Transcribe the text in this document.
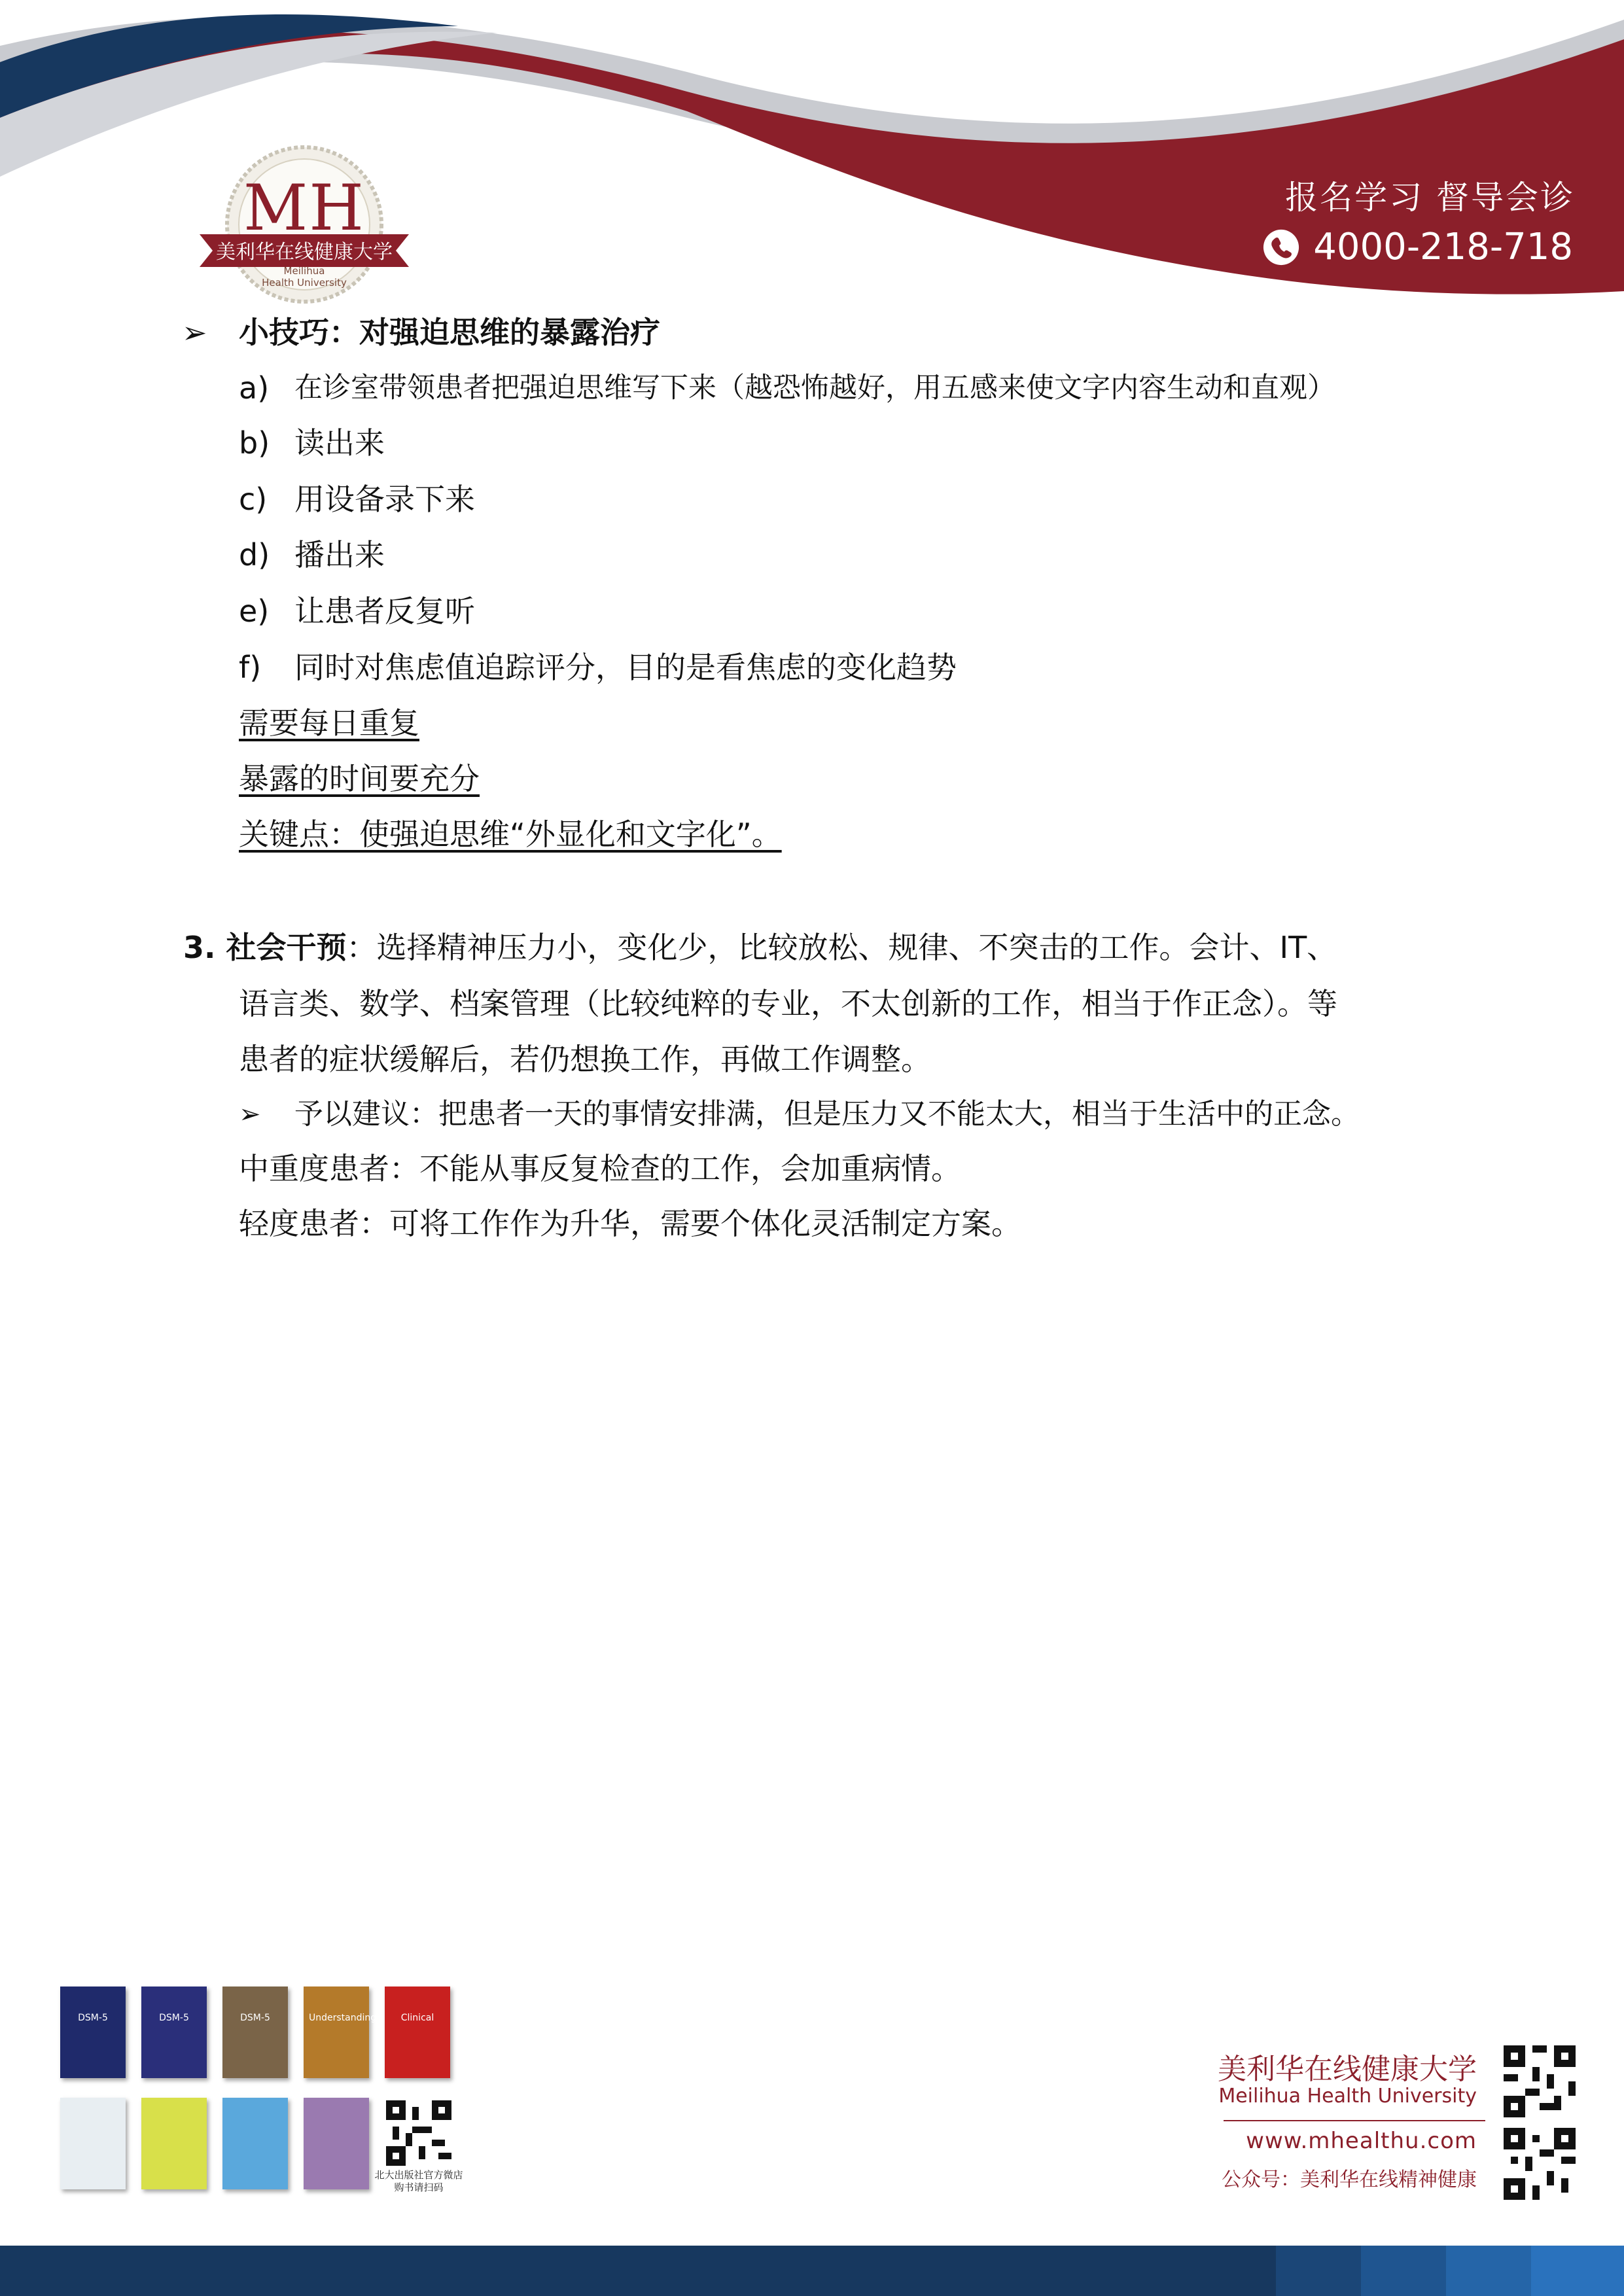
MH
美利华在线健康大学
Meilihua
Health University
报名学习 督导会诊
4000-218-718
➢ 小技巧：对强迫思维的暴露治疗
a) 在诊室带领患者把强迫思维写下来（越恐怖越好，用五感来使文字内容生动和直观）
b) 读出来
c) 用设备录下来
d) 播出来
e) 让患者反复听
f) 同时对焦虑值追踪评分，目的是看焦虑的变化趋势
需要每日重复
暴露的时间要充分
关键点：使强迫思维“外显化和文字化”。
3. 社会干预：选择精神压力小，变化少，比较放松、规律、不突击的工作。会计、IT、
语言类、数学、档案管理（比较纯粹的专业，不太创新的工作，相当于作正念）。等
患者的症状缓解后，若仍想换工作，再做工作调整。
➢ 予以建议：把患者一天的事情安排满，但是压力又不能太大，相当于生活中的正念。
中重度患者：不能从事反复检查的工作，会加重病情。
轻度患者：可将工作作为升华，需要个体化灵活制定方案。
DSM-5	DSM-5	DSM-5	Understanding	Clinical
北大出版社官方微店
购书请扫码
美利华在线健康大学
Meilihua Health University
www.mhealthu.com
公众号：美利华在线精神健康
